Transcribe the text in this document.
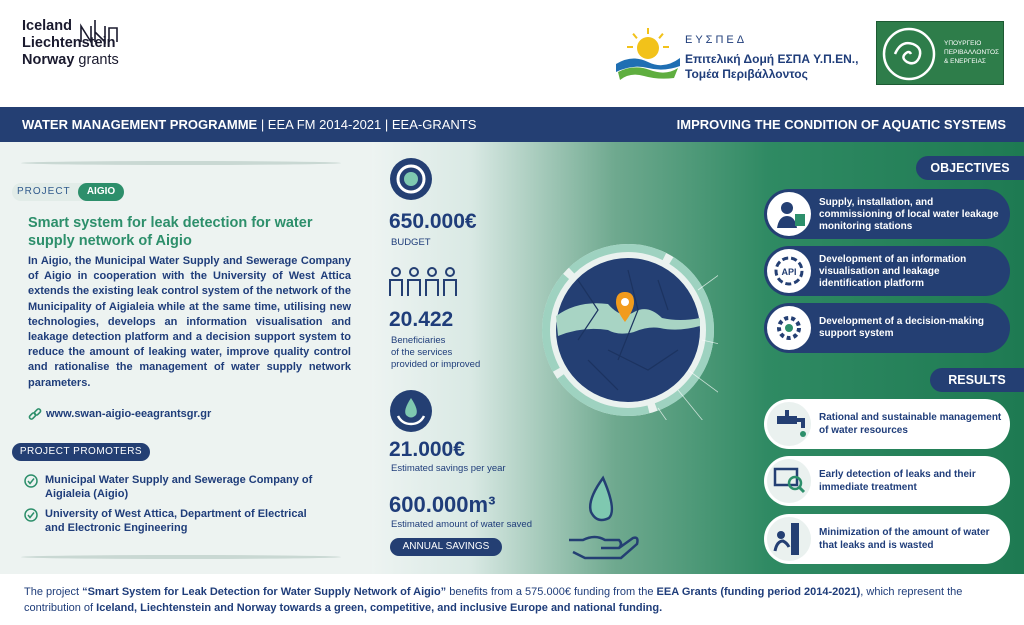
Iceland
Liechtenstein
Norway grants
ΕΥΣΠΕΔ
Επιτελική Δομή ΕΣΠΑ Υ.Π.ΕΝ.,
Τομέα Περιβάλλοντος
ΥΠΟΥΡΓΕΙΟ
ΠΕΡΙΒΑΛΛΟΝΤΟΣ
& ΕΝΕΡΓΕΙΑΣ
WATER MANAGEMENT PROGRAMME | EEA FM 2014-2021 | EEA-GRANTS	IMPROVING THE CONDITION OF AQUATIC SYSTEMS
PROJECT	AIGIO
Smart system for leak detection for water supply network of Aigio
In Aigio, the Municipal Water Supply and Sewerage Company of Aigio in cooperation with the University of West Attica extends the existing leak control system of the network of the Municipality of Aigialeia while at the same time, utilising new technologies, develops an information visualisation and leakage detection platform and a decision support system to reduce the amount of leaking water, improve quality control and rationalise the management of water supply network parameters.
www.swan-aigio-eeagrantsgr.gr
PROJECT PROMOTERS
Municipal Water Supply and Sewerage Company of Aigialeia (Aigio)
University of West Attica, Department of Electrical and Electronic Engineering
650.000€
BUDGET
20.422
Beneficiaries
of the services
provided or improved
21.000€
Estimated savings per year
600.000m³
Estimated amount of water saved
ANNUAL SAVINGS
OBJECTIVES
Supply, installation, and commissioning of local water leakage monitoring stations
API
Development of an information visualisation and leakage identification platform
Development of a decision-making support system
RESULTS
Rational and sustainable management of water resources
Early detection of leaks and their immediate treatment
Minimization of the amount of water that leaks and is wasted

The project “Smart System for Leak Detection for Water Supply Network of Aigio” benefits from a 575.000€ funding from the EEA Grants (funding period 2014-2021), which represent the contribution of Iceland, Liechtenstein and Norway towards a green, competitive, and inclusive Europe and national funding.
